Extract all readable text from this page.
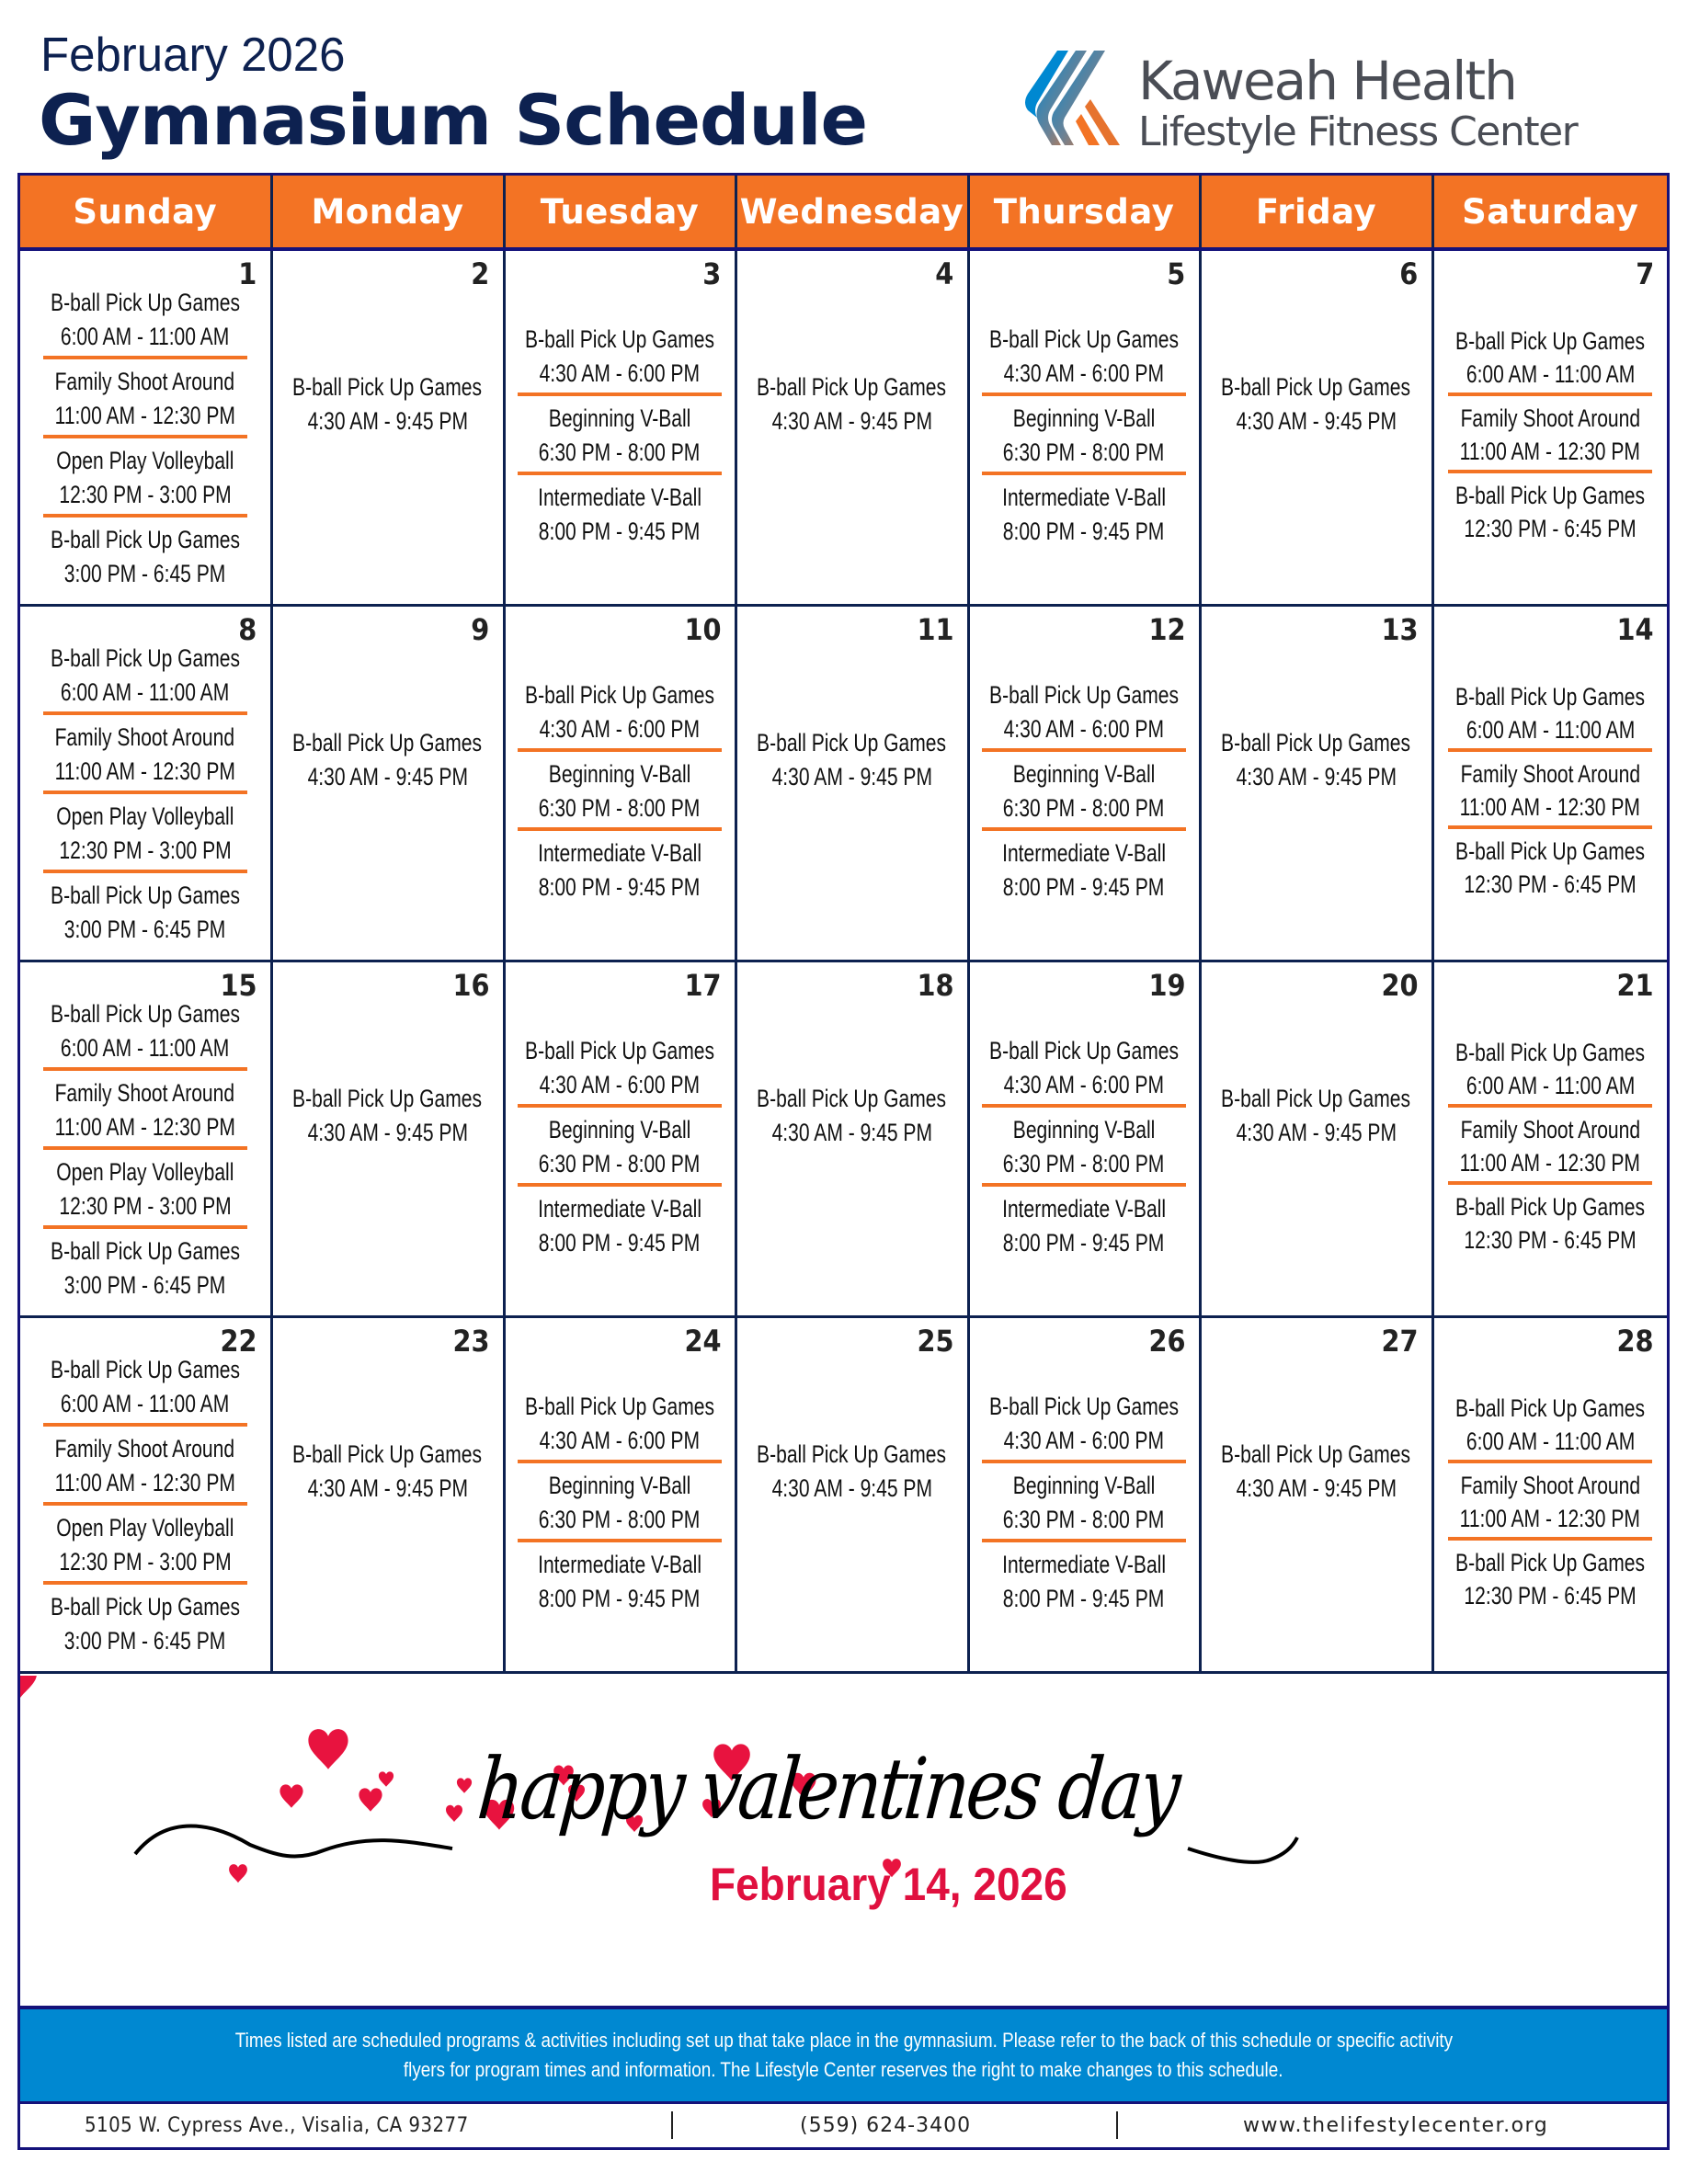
February 2026
Gymnasium Schedule	Kaweah Health
Lifestyle Fitness Center
Sunday	Monday	Tuesday	Wednesday	Thursday	Friday	Saturday

1
B-ball Pick Up Games
6:00 AM - 11:00 AM
Family Shoot Around
11:00 AM - 12:30 PM
Open Play Volleyball
12:30 PM - 3:00 PM
B-ball Pick Up Games
3:00 PM - 6:45 PM

2
B-ball Pick Up Games
4:30 AM - 9:45 PM

3
B-ball Pick Up Games
4:30 AM - 6:00 PM
Beginning V-Ball
6:30 PM - 8:00 PM
Intermediate V-Ball
8:00 PM - 9:45 PM

4
B-ball Pick Up Games
4:30 AM - 9:45 PM

5
B-ball Pick Up Games
4:30 AM - 6:00 PM
Beginning V-Ball
6:30 PM - 8:00 PM
Intermediate V-Ball
8:00 PM - 9:45 PM

6
B-ball Pick Up Games
4:30 AM - 9:45 PM

7
B-ball Pick Up Games
6:00 AM - 11:00 AM
Family Shoot Around
11:00 AM - 12:30 PM
B-ball Pick Up Games
12:30 PM - 6:45 PM

8
B-ball Pick Up Games
6:00 AM - 11:00 AM
Family Shoot Around
11:00 AM - 12:30 PM
Open Play Volleyball
12:30 PM - 3:00 PM
B-ball Pick Up Games
3:00 PM - 6:45 PM

9
B-ball Pick Up Games
4:30 AM - 9:45 PM

10
B-ball Pick Up Games
4:30 AM - 6:00 PM
Beginning V-Ball
6:30 PM - 8:00 PM
Intermediate V-Ball
8:00 PM - 9:45 PM

11
B-ball Pick Up Games
4:30 AM - 9:45 PM

12
B-ball Pick Up Games
4:30 AM - 6:00 PM
Beginning V-Ball
6:30 PM - 8:00 PM
Intermediate V-Ball
8:00 PM - 9:45 PM

13
B-ball Pick Up Games
4:30 AM - 9:45 PM

14
B-ball Pick Up Games
6:00 AM - 11:00 AM
Family Shoot Around
11:00 AM - 12:30 PM
B-ball Pick Up Games
12:30 PM - 6:45 PM

15
B-ball Pick Up Games
6:00 AM - 11:00 AM
Family Shoot Around
11:00 AM - 12:30 PM
Open Play Volleyball
12:30 PM - 3:00 PM
B-ball Pick Up Games
3:00 PM - 6:45 PM

16
B-ball Pick Up Games
4:30 AM - 9:45 PM

17
B-ball Pick Up Games
4:30 AM - 6:00 PM
Beginning V-Ball
6:30 PM - 8:00 PM
Intermediate V-Ball
8:00 PM - 9:45 PM

18
B-ball Pick Up Games
4:30 AM - 9:45 PM

19
B-ball Pick Up Games
4:30 AM - 6:00 PM
Beginning V-Ball
6:30 PM - 8:00 PM
Intermediate V-Ball
8:00 PM - 9:45 PM

20
B-ball Pick Up Games
4:30 AM - 9:45 PM

21
B-ball Pick Up Games
6:00 AM - 11:00 AM
Family Shoot Around
11:00 AM - 12:30 PM
B-ball Pick Up Games
12:30 PM - 6:45 PM

22
B-ball Pick Up Games
6:00 AM - 11:00 AM
Family Shoot Around
11:00 AM - 12:30 PM
Open Play Volleyball
12:30 PM - 3:00 PM
B-ball Pick Up Games
3:00 PM - 6:45 PM

23
B-ball Pick Up Games
4:30 AM - 9:45 PM

24
B-ball Pick Up Games
4:30 AM - 6:00 PM
Beginning V-Ball
6:30 PM - 8:00 PM
Intermediate V-Ball
8:00 PM - 9:45 PM

25
B-ball Pick Up Games
4:30 AM - 9:45 PM

26
B-ball Pick Up Games
4:30 AM - 6:00 PM
Beginning V-Ball
6:30 PM - 8:00 PM
Intermediate V-Ball
8:00 PM - 9:45 PM

27
B-ball Pick Up Games
4:30 AM - 9:45 PM

28
B-ball Pick Up Games
6:00 AM - 11:00 AM
Family Shoot Around
11:00 AM - 12:30 PM
B-ball Pick Up Games
12:30 PM - 6:45 PM
happy valentines day
February 14, 2026
Times listed are scheduled programs & activities including set up that take place in the gymnasium. Please refer to the back of this schedule or specific activity
flyers for program times and information. The Lifestyle Center reserves the right to make changes to this schedule.
5105 W. Cypress Ave., Visalia, CA 93277	(559) 624-3400	www.thelifestylecenter.org
